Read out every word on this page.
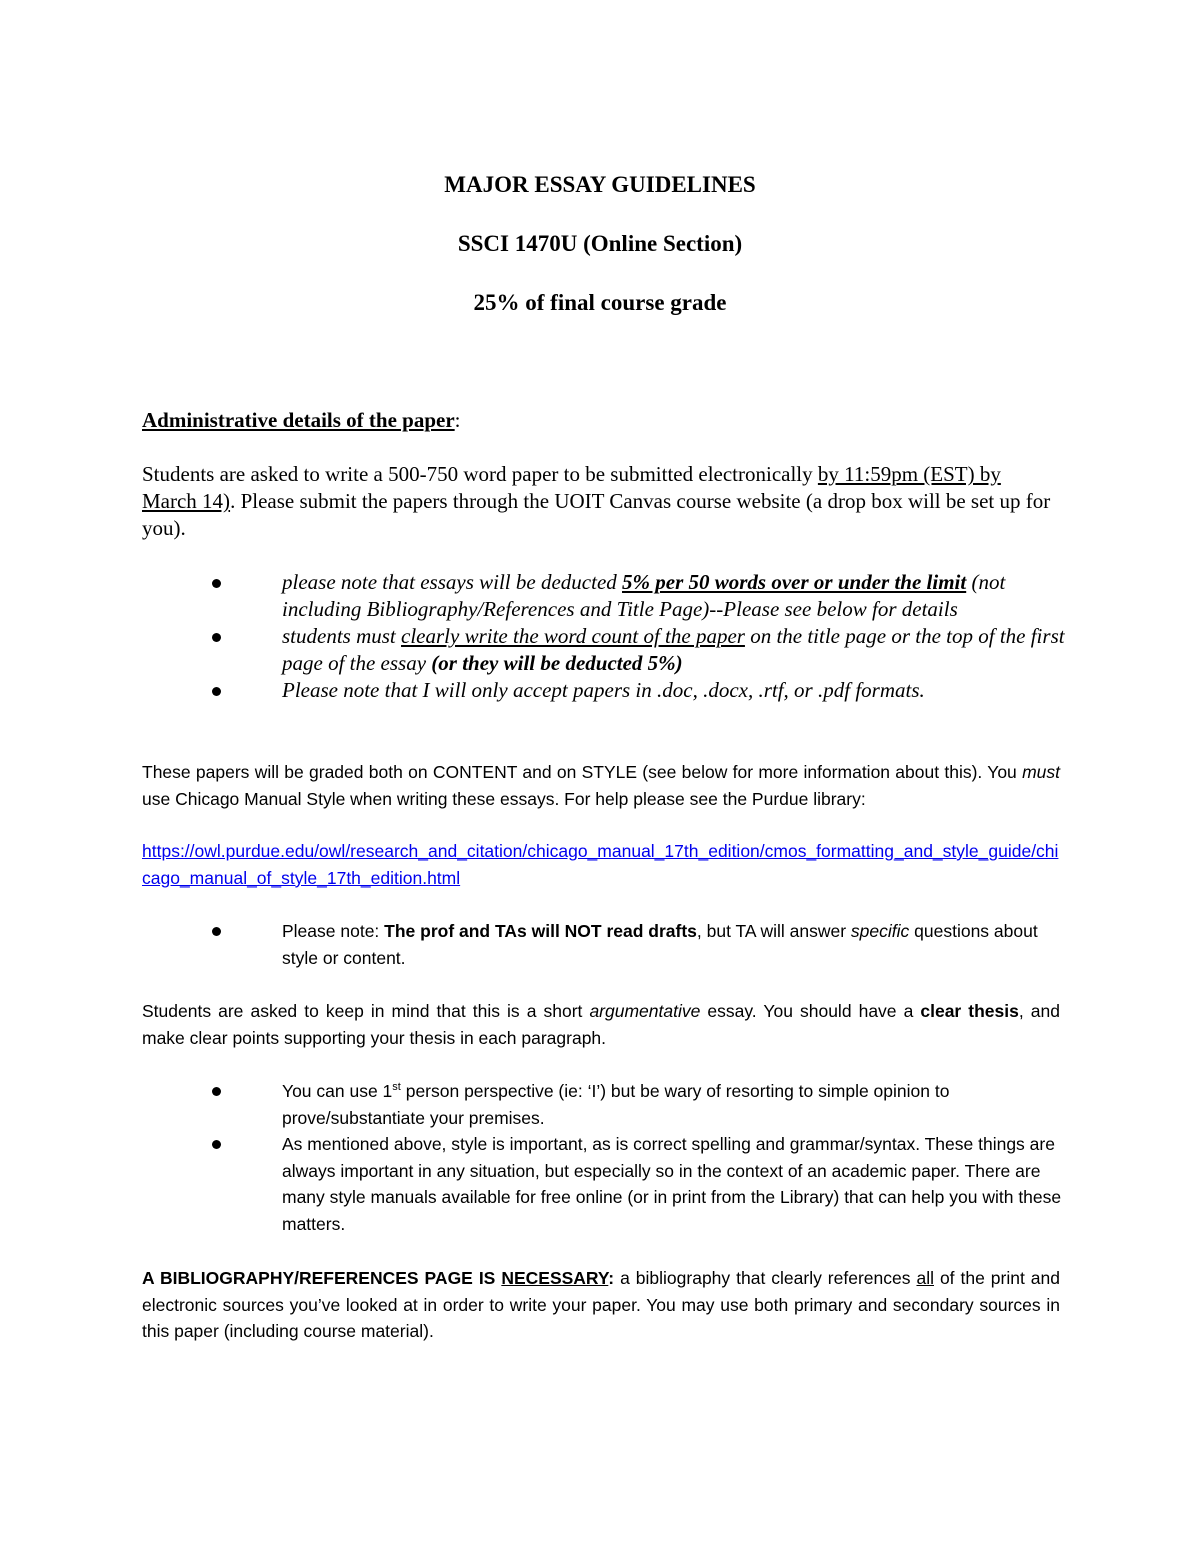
MAJOR ESSAY GUIDELINES
SSCI 1470U (Online Section)
25% of final course grade
Administrative details of the paper:

Students are asked to write a 500-750 word paper to be submitted electronically by 11:59pm (EST) by March 14). Please submit the papers through the UOIT Canvas course website (a drop box will be set up for you).

please note that essays will be deducted 5% per 50 words over or under the limit (not including Bibliography/References and Title Page)--Please see below for details
students must clearly write the word count of the paper on the title page or the top of the first page of the essay (or they will be deducted 5%)
Please note that I will only accept papers in .doc, .docx, .rtf, or .pdf formats.

These papers will be graded both on CONTENT and on STYLE (see below for more information about this). You must use Chicago Manual Style when writing these essays. For help please see the Purdue library:

https://owl.purdue.edu/owl/research_and_citation/chicago_manual_17th_edition/cmos_formatting_and_style_guide/chicago_manual_of_style_17th_edition.html
Please note: The prof and TAs will NOT read drafts, but TA will answer specific questions about style or content.

Students are asked to keep in mind that this is a short argumentative essay. You should have a clear thesis, and make clear points supporting your thesis in each paragraph.

You can use 1st person perspective (ie: ‘I’) but be wary of resorting to simple opinion to prove/substantiate your premises.
As mentioned above, style is important, as is correct spelling and grammar/syntax. These things are always important in any situation, but especially so in the context of an academic paper. There are many style manuals available for free online (or in print from the Library) that can help you with these matters.

A BIBLIOGRAPHY/REFERENCES PAGE IS NECESSARY: a bibliography that clearly references all of the print and electronic sources you’ve looked at in order to write your paper. You may use both primary and secondary sources in this paper (including course material).
